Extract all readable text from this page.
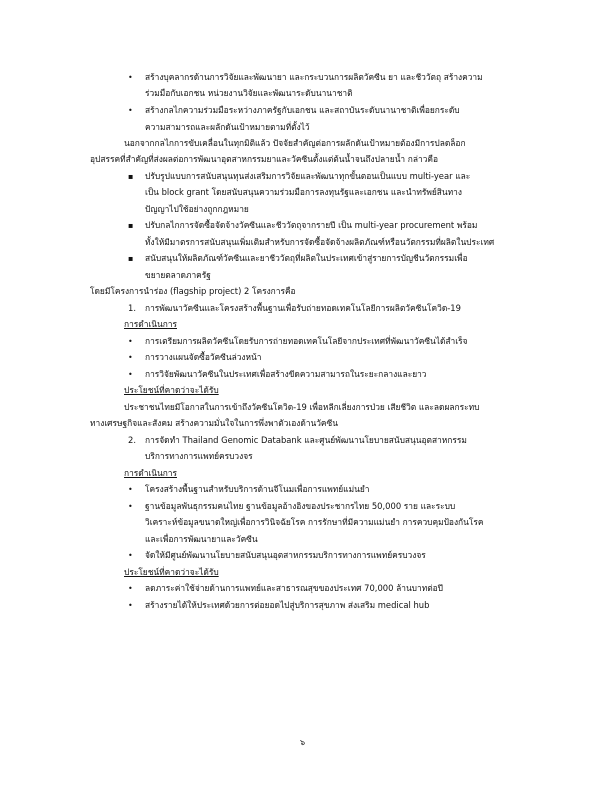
• สร้างบุคลากรด้านการวิจัยและพัฒนายา และกระบวนการผลิตวัคซีน ยา และชีววัตถุ สร้างความ
ร่วมมือกับเอกชน หน่วยงานวิจัยและพัฒนาระดับนานาชาติ
• สร้างกลไกความร่วมมือระหว่างภาครัฐกับเอกชน และสถาบันระดับนานาชาติเพื่อยกระดับ
ความสามารถและผลักดันเป้าหมายตามที่ตั้งไว้
นอกจากกลไกการขับเคลื่อนในทุกมิติแล้ว ปัจจัยสำคัญต่อการผลักดันเป้าหมายต้องมีการปลดล็อก
อุปสรรคที่สำคัญที่ส่งผลต่อการพัฒนาอุตสาหกรรมยาและวัคซีนตั้งแต่ต้นน้ำจนถึงปลายน้ำ กล่าวคือ
▪ ปรับรูปแบบการสนับสนุนทุนส่งเสริมการวิจัยและพัฒนาทุกขั้นตอนเป็นแบบ multi-year และ
เป็น block grant โดยสนับสนุนความร่วมมือการลงทุนรัฐและเอกชน และนำทรัพย์สินทาง
ปัญญาไปใช้อย่างถูกกฎหมาย
▪ ปรับกลไกการจัดซื้อจัดจ้างวัคซีนและชีววัตถุจากรายปี เป็น multi-year procurement พร้อม
ทั้งให้มีมาตรการสนับสนุนเพิ่มเติมสำหรับการจัดซื้อจัดจ้างผลิตภัณฑ์หรือนวัตกรรมที่ผลิตในประเทศ
▪ สนับสนุนให้ผลิตภัณฑ์วัคซีนและยาชีววัตถุที่ผลิตในประเทศเข้าสู่รายการบัญชีนวัตกรรมเพื่อ
ขยายตลาดภาครัฐ
โดยมีโครงการนำร่อง (flagship project) 2 โครงการคือ
1. การพัฒนาวัคซีนและโครงสร้างพื้นฐานเพื่อรับถ่ายทอดเทคโนโลยีการผลิตวัคซีนโควิด-19
การดำเนินการ
• การเตรียมการผลิตวัคซีนโดยรับการถ่ายทอดเทคโนโลยีจากประเทศที่พัฒนาวัคซีนได้สำเร็จ
• การวางแผนจัดซื้อวัคซีนล่วงหน้า
• การวิจัยพัฒนาวัคซีนในประเทศเพื่อสร้างขีดความสามารถในระยะกลางและยาว
ประโยชน์ที่คาดว่าจะได้รับ
ประชาชนไทยมีโอกาสในการเข้าถึงวัคซีนโควิด-19 เพื่อหลีกเลี่ยงการป่วย เสียชีวิต และลดผลกระทบ
ทางเศรษฐกิจและสังคม สร้างความมั่นใจในการพึ่งพาตัวเองด้านวัคซีน
2. การจัดทำ Thailand Genomic Databank และศูนย์พัฒนานโยบายสนับสนุนอุตสาหกรรม
บริการทางการแพทย์ครบวงจร
การดำเนินการ
• โครงสร้างพื้นฐานสำหรับบริการด้านจีโนมเพื่อการแพทย์แม่นยำ
• ฐานข้อมูลพันธุกรรมคนไทย ฐานข้อมูลอ้างอิงของประชากรไทย 50,000 ราย และระบบ
วิเคราะห์ข้อมูลขนาดใหญ่เพื่อการวินิจฉัยโรค การรักษาที่มีความแม่นยำ การควบคุมป้องกันโรค
และเพื่อการพัฒนายาและวัคซีน
• จัดให้มีศูนย์พัฒนานโยบายสนับสนุนอุตสาหกรรมบริการทางการแพทย์ครบวงจร
ประโยชน์ที่คาดว่าจะได้รับ
• ลดภาระค่าใช้จ่ายด้านการแพทย์และสาธารณสุขของประเทศ 70,000 ล้านบาทต่อปี
• สร้างรายได้ให้ประเทศด้วยการต่อยอดไปสู่บริการสุขภาพ ส่งเสริม medical hub
๖
